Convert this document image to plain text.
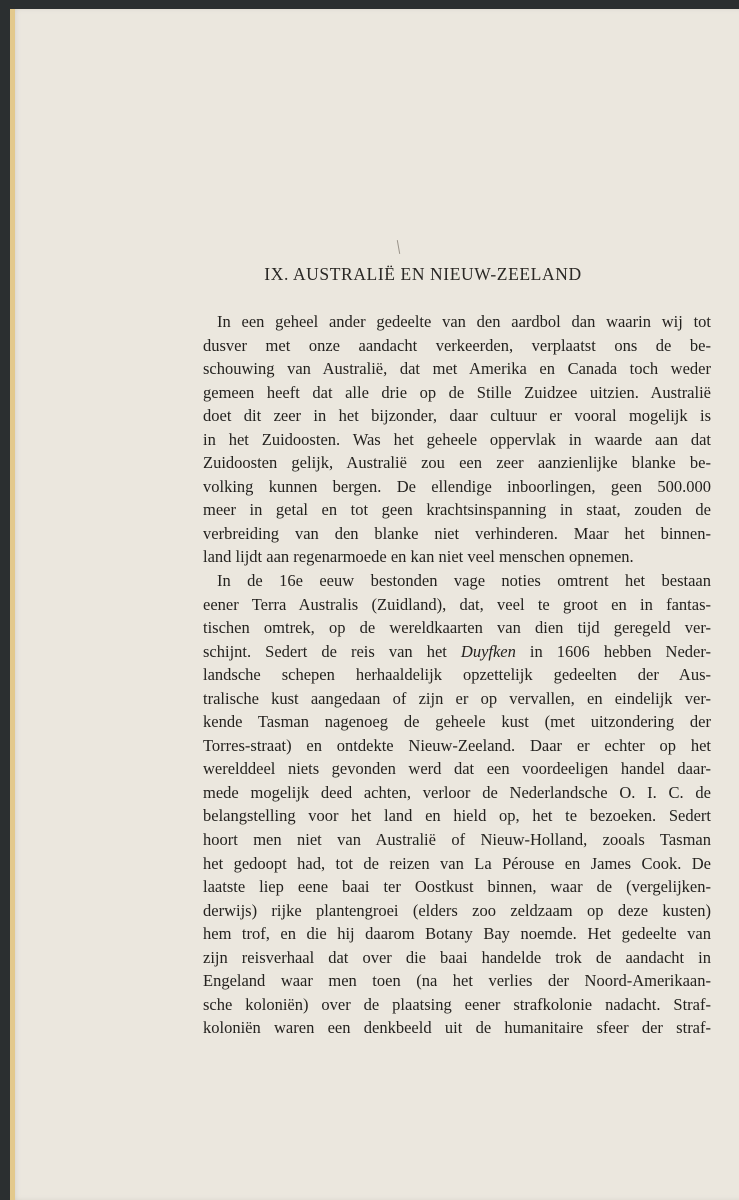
IX. AUSTRALIË EN NIEUW-ZEELAND
In een geheel ander gedeelte van den aardbol dan waarin wij tot
dusver met onze aandacht verkeerden, verplaatst ons de be-
schouwing van Australië, dat met Amerika en Canada toch weder
gemeen heeft dat alle drie op de Stille Zuidzee uitzien. Australië
doet dit zeer in het bijzonder, daar cultuur er vooral mogelijk is
in het Zuidoosten. Was het geheele oppervlak in waarde aan dat
Zuidoosten gelijk, Australië zou een zeer aanzienlijke blanke be-
volking kunnen bergen. De ellendige inboorlingen, geen 500.000
meer in getal en tot geen krachtsinspanning in staat, zouden de
verbreiding van den blanke niet verhinderen. Maar het binnen-
land lijdt aan regenarmoede en kan niet veel menschen opnemen.
In de 16e eeuw bestonden vage noties omtrent het bestaan
eener Terra Australis (Zuidland), dat, veel te groot en in fantas-
tischen omtrek, op de wereldkaarten van dien tijd geregeld ver-
schijnt. Sedert de reis van het Duyfken in 1606 hebben Neder-
landsche schepen herhaaldelijk opzettelijk gedeelten der Aus-
tralische kust aangedaan of zijn er op vervallen, en eindelijk ver-
kende Tasman nagenoeg de geheele kust (met uitzondering der
Torres-straat) en ontdekte Nieuw-Zeeland. Daar er echter op het
werelddeel niets gevonden werd dat een voordeeligen handel daar-
mede mogelijk deed achten, verloor de Nederlandsche O. I. C. de
belangstelling voor het land en hield op, het te bezoeken. Sedert
hoort men niet van Australië of Nieuw-Holland, zooals Tasman
het gedoopt had, tot de reizen van La Pérouse en James Cook. De
laatste liep eene baai ter Oostkust binnen, waar de (vergelijken-
derwijs) rijke plantengroei (elders zoo zeldzaam op deze kusten)
hem trof, en die hij daarom Botany Bay noemde. Het gedeelte van
zijn reisverhaal dat over die baai handelde trok de aandacht in
Engeland waar men toen (na het verlies der Noord-Amerikaan-
sche koloniën) over de plaatsing eener strafkolonie nadacht. Straf-
koloniën waren een denkbeeld uit de humanitaire sfeer der straf-
